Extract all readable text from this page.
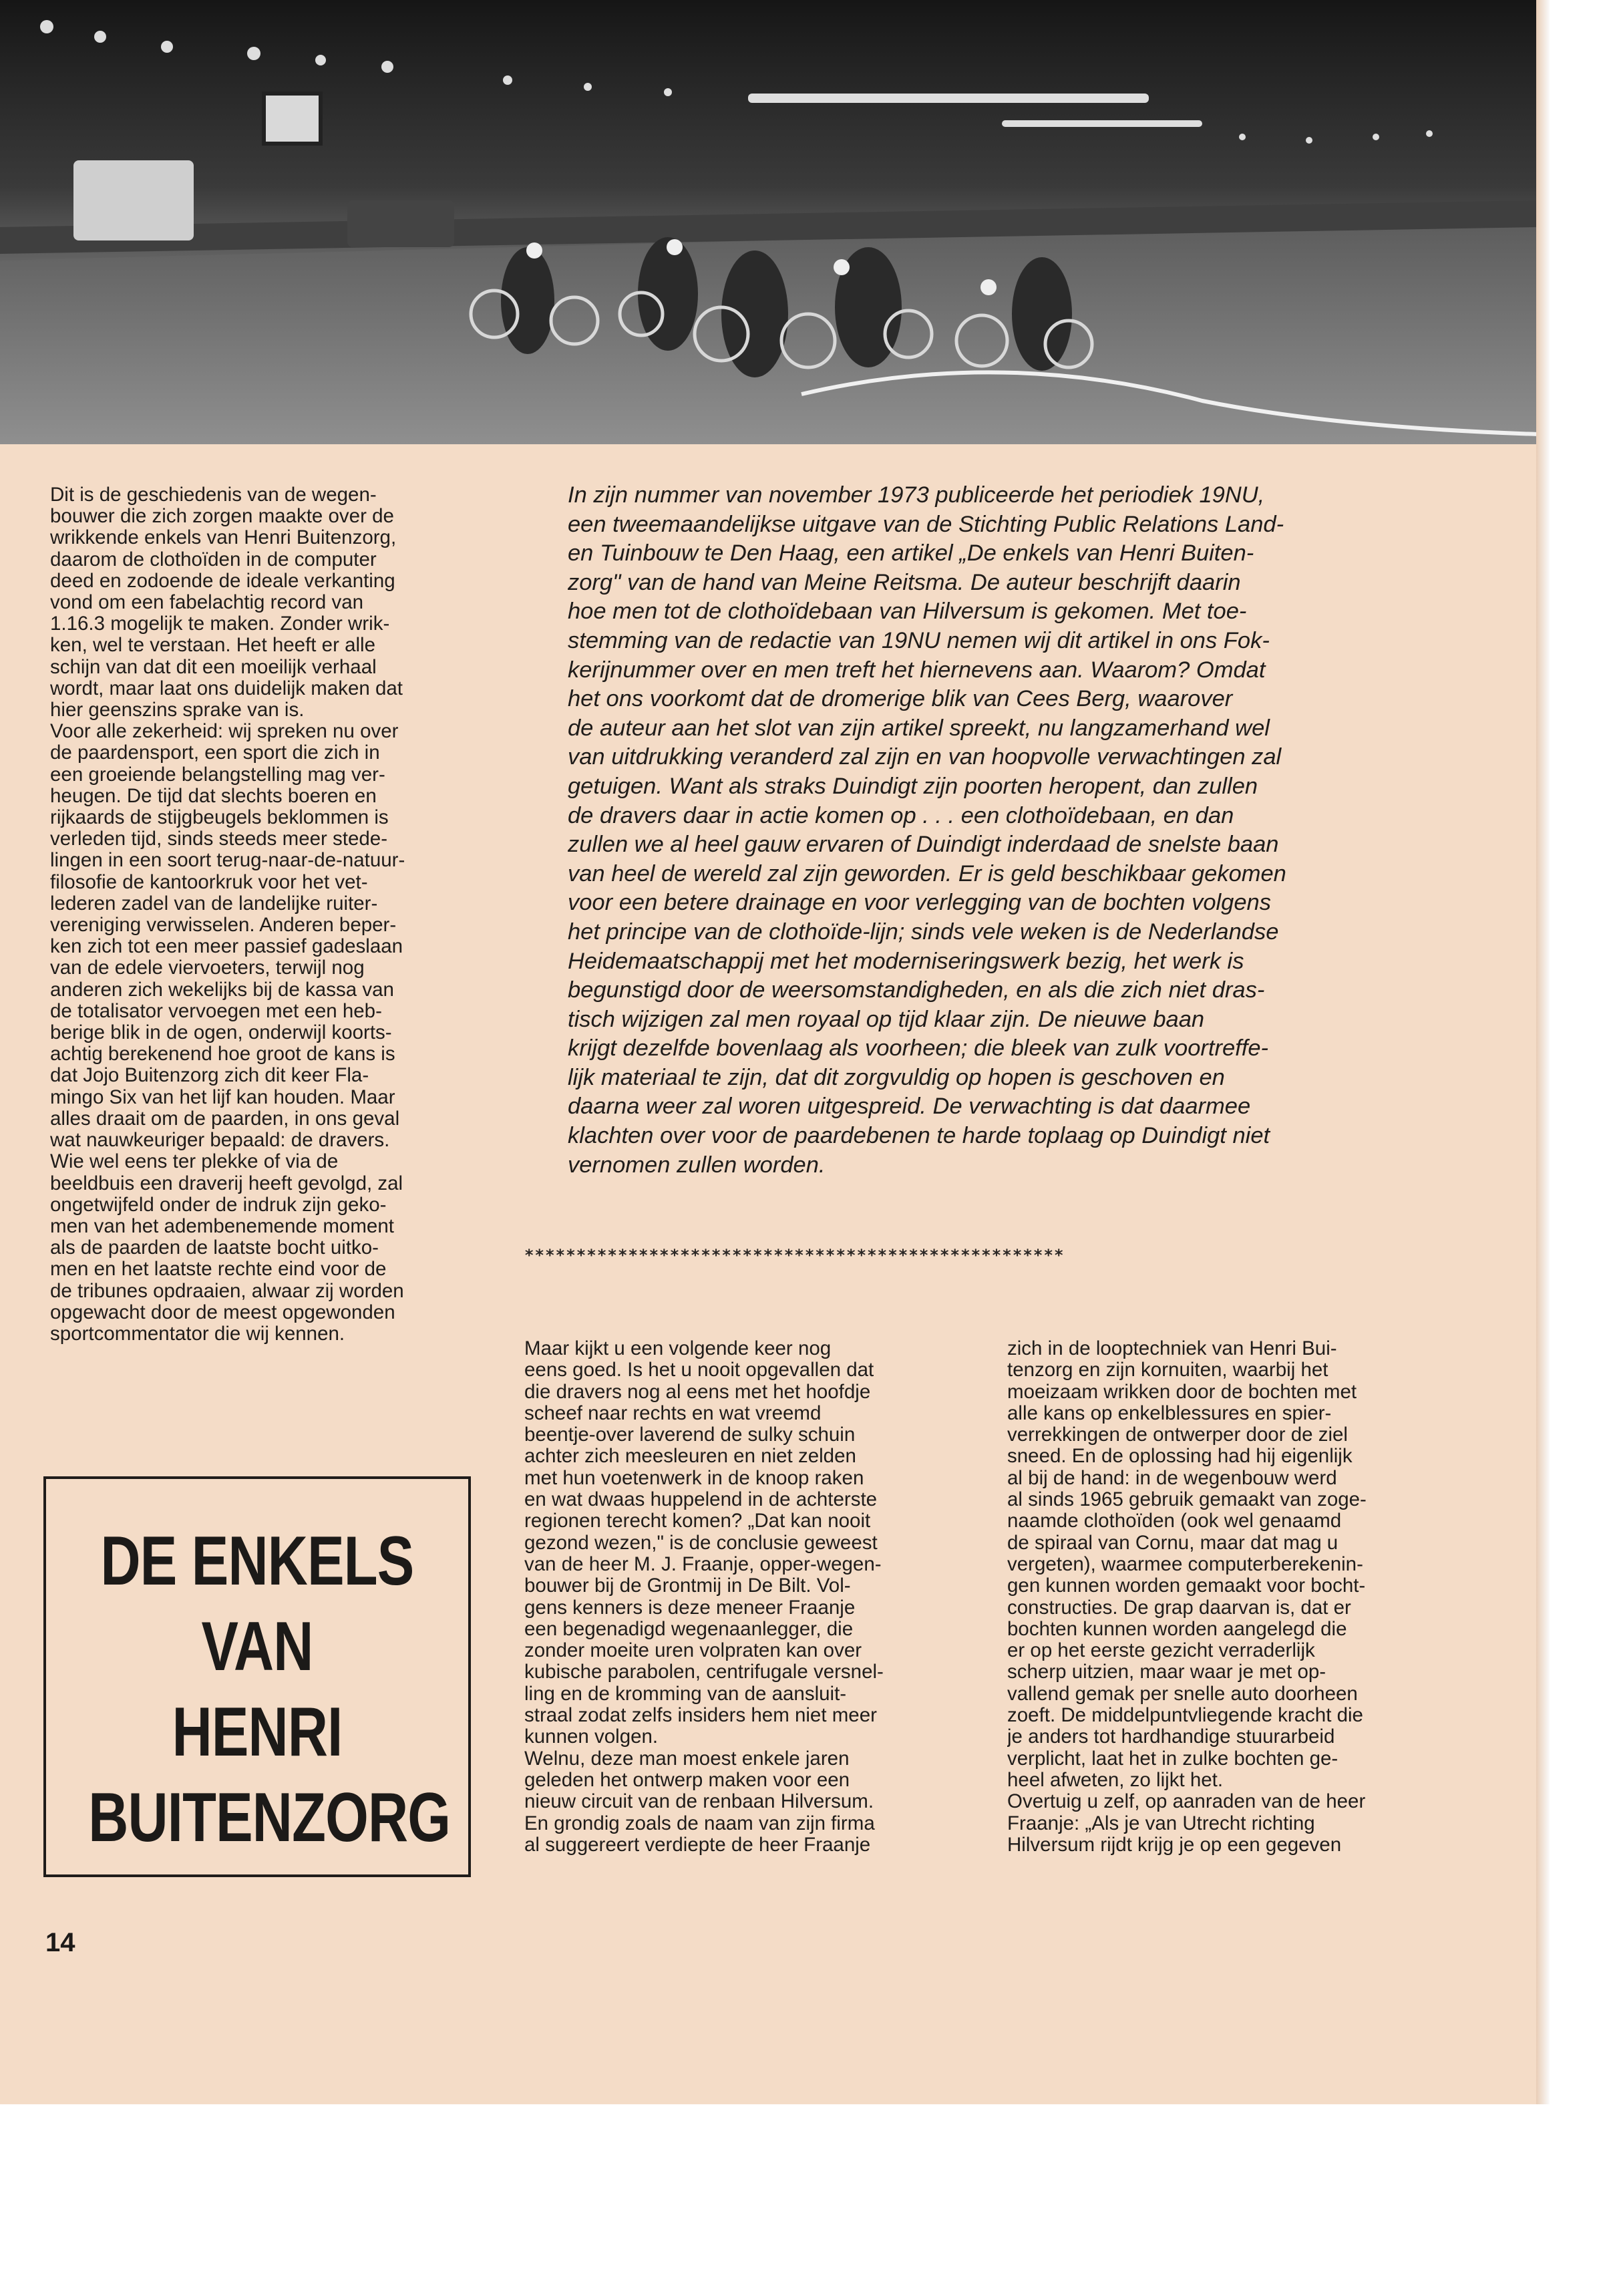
Dit is de geschiedenis van de wegen-
bouwer die zich zorgen maakte over de
wrikkende enkels van Henri Buitenzorg,
daarom de clothoïden in de computer
deed en zodoende de ideale verkanting
vond om een fabelachtig record van
1.16.3 mogelijk te maken. Zonder wrik-
ken, wel te verstaan. Het heeft er alle
schijn van dat dit een moeilijk verhaal
wordt, maar laat ons duidelijk maken dat
hier geenszins sprake van is.
Voor alle zekerheid: wij spreken nu over
de paardensport, een sport die zich in
een groeiende belangstelling mag ver-
heugen. De tijd dat slechts boeren en
rijkaards de stijgbeugels beklommen is
verleden tijd, sinds steeds meer stede-
lingen in een soort terug-naar-de-natuur-
filosofie de kantoorkruk voor het vet-
lederen zadel van de landelijke ruiter-
vereniging verwisselen. Anderen beper-
ken zich tot een meer passief gadeslaan
van de edele viervoeters, terwijl nog
anderen zich wekelijks bij de kassa van
de totalisator vervoegen met een heb-
berige blik in de ogen, onderwijl koorts-
achtig berekenend hoe groot de kans is
dat Jojo Buitenzorg zich dit keer Fla-
mingo Six van het lijf kan houden. Maar
alles draait om de paarden, in ons geval
wat nauwkeuriger bepaald: de dravers.
Wie wel eens ter plekke of via de
beeldbuis een draverij heeft gevolgd, zal
ongetwijfeld onder de indruk zijn geko-
men van het adembenemende moment
als de paarden de laatste bocht uitko-
men en het laatste rechte eind voor de
de tribunes opdraaien, alwaar zij worden
opgewacht door de meest opgewonden
sportcommentator die wij kennen.
In zijn nummer van november 1973 publiceerde het periodiek 19NU,
een tweemaandelijkse uitgave van de Stichting Public Relations Land-
en Tuinbouw te Den Haag, een artikel „De enkels van Henri Buiten-
zorg" van de hand van Meine Reitsma. De auteur beschrijft daarin
hoe men tot de clothoïdebaan van Hilversum is gekomen. Met toe-
stemming van de redactie van 19NU nemen wij dit artikel in ons Fok-
kerijnummer over en men treft het hiernevens aan. Waarom? Omdat
het ons voorkomt dat de dromerige blik van Cees Berg, waarover
de auteur aan het slot van zijn artikel spreekt, nu langzamerhand wel
van uitdrukking veranderd zal zijn en van hoopvolle verwachtingen zal
getuigen. Want als straks Duindigt zijn poorten heropent, dan zullen
de dravers daar in actie komen op . . . een clothoïdebaan, en dan
zullen we al heel gauw ervaren of Duindigt inderdaad de snelste baan
van heel de wereld zal zijn geworden. Er is geld beschikbaar gekomen
voor een betere drainage en voor verlegging van de bochten volgens
het principe van de clothoïde-lijn; sinds vele weken is de Nederlandse
Heidemaatschappij met het moderniseringswerk bezig, het werk is
begunstigd door de weersomstandigheden, en als die zich niet dras-
tisch wijzigen zal men royaal op tijd klaar zijn. De nieuwe baan
krijgt dezelfde bovenlaag als voorheen; die bleek van zulk voortreffe-
lijk materiaal te zijn, dat dit zorgvuldig op hopen is geschoven en
daarna weer zal woren uitgespreid. De verwachting is dat daarmee
klachten over voor de paardebenen te harde toplaag op Duindigt niet
vernomen zullen worden.
****************************************************
Maar kijkt u een volgende keer nog
eens goed. Is het u nooit opgevallen dat
die dravers nog al eens met het hoofdje
scheef naar rechts en wat vreemd
beentje-over laverend de sulky schuin
achter zich meesleuren en niet zelden
met hun voetenwerk in de knoop raken
en wat dwaas huppelend in de achterste
regionen terecht komen? „Dat kan nooit
gezond wezen," is de conclusie geweest
van de heer M. J. Fraanje, opper-wegen-
bouwer bij de Grontmij in De Bilt. Vol-
gens kenners is deze meneer Fraanje
een begenadigd wegenaanlegger, die
zonder moeite uren volpraten kan over
kubische parabolen, centrifugale versnel-
ling en de kromming van de aansluit-
straal zodat zelfs insiders hem niet meer
kunnen volgen.
Welnu, deze man moest enkele jaren
geleden het ontwerp maken voor een
nieuw circuit van de renbaan Hilversum.
En grondig zoals de naam van zijn firma
al suggereert verdiepte de heer Fraanje
zich in de looptechniek van Henri Bui-
tenzorg en zijn kornuiten, waarbij het
moeizaam wrikken door de bochten met
alle kans op enkelblessures en spier-
verrekkingen de ontwerper door de ziel
sneed. En de oplossing had hij eigenlijk
al bij de hand: in de wegenbouw werd
al sinds 1965 gebruik gemaakt van zoge-
naamde clothoïden (ook wel genaamd
de spiraal van Cornu, maar dat mag u
vergeten), waarmee computerberekenin-
gen kunnen worden gemaakt voor bocht-
constructies. De grap daarvan is, dat er
bochten kunnen worden aangelegd die
er op het eerste gezicht verraderlijk
scherp uitzien, maar waar je met op-
vallend gemak per snelle auto doorheen
zoeft. De middelpuntvliegende kracht die
je anders tot hardhandige stuurarbeid
verplicht, laat het in zulke bochten ge-
heel afweten, zo lijkt het.
Overtuig u zelf, op aanraden van de heer
Fraanje: „Als je van Utrecht richting
Hilversum rijdt krijg je op een gegeven
DE ENKELS
VAN
HENRI
BUITENZORG
14
